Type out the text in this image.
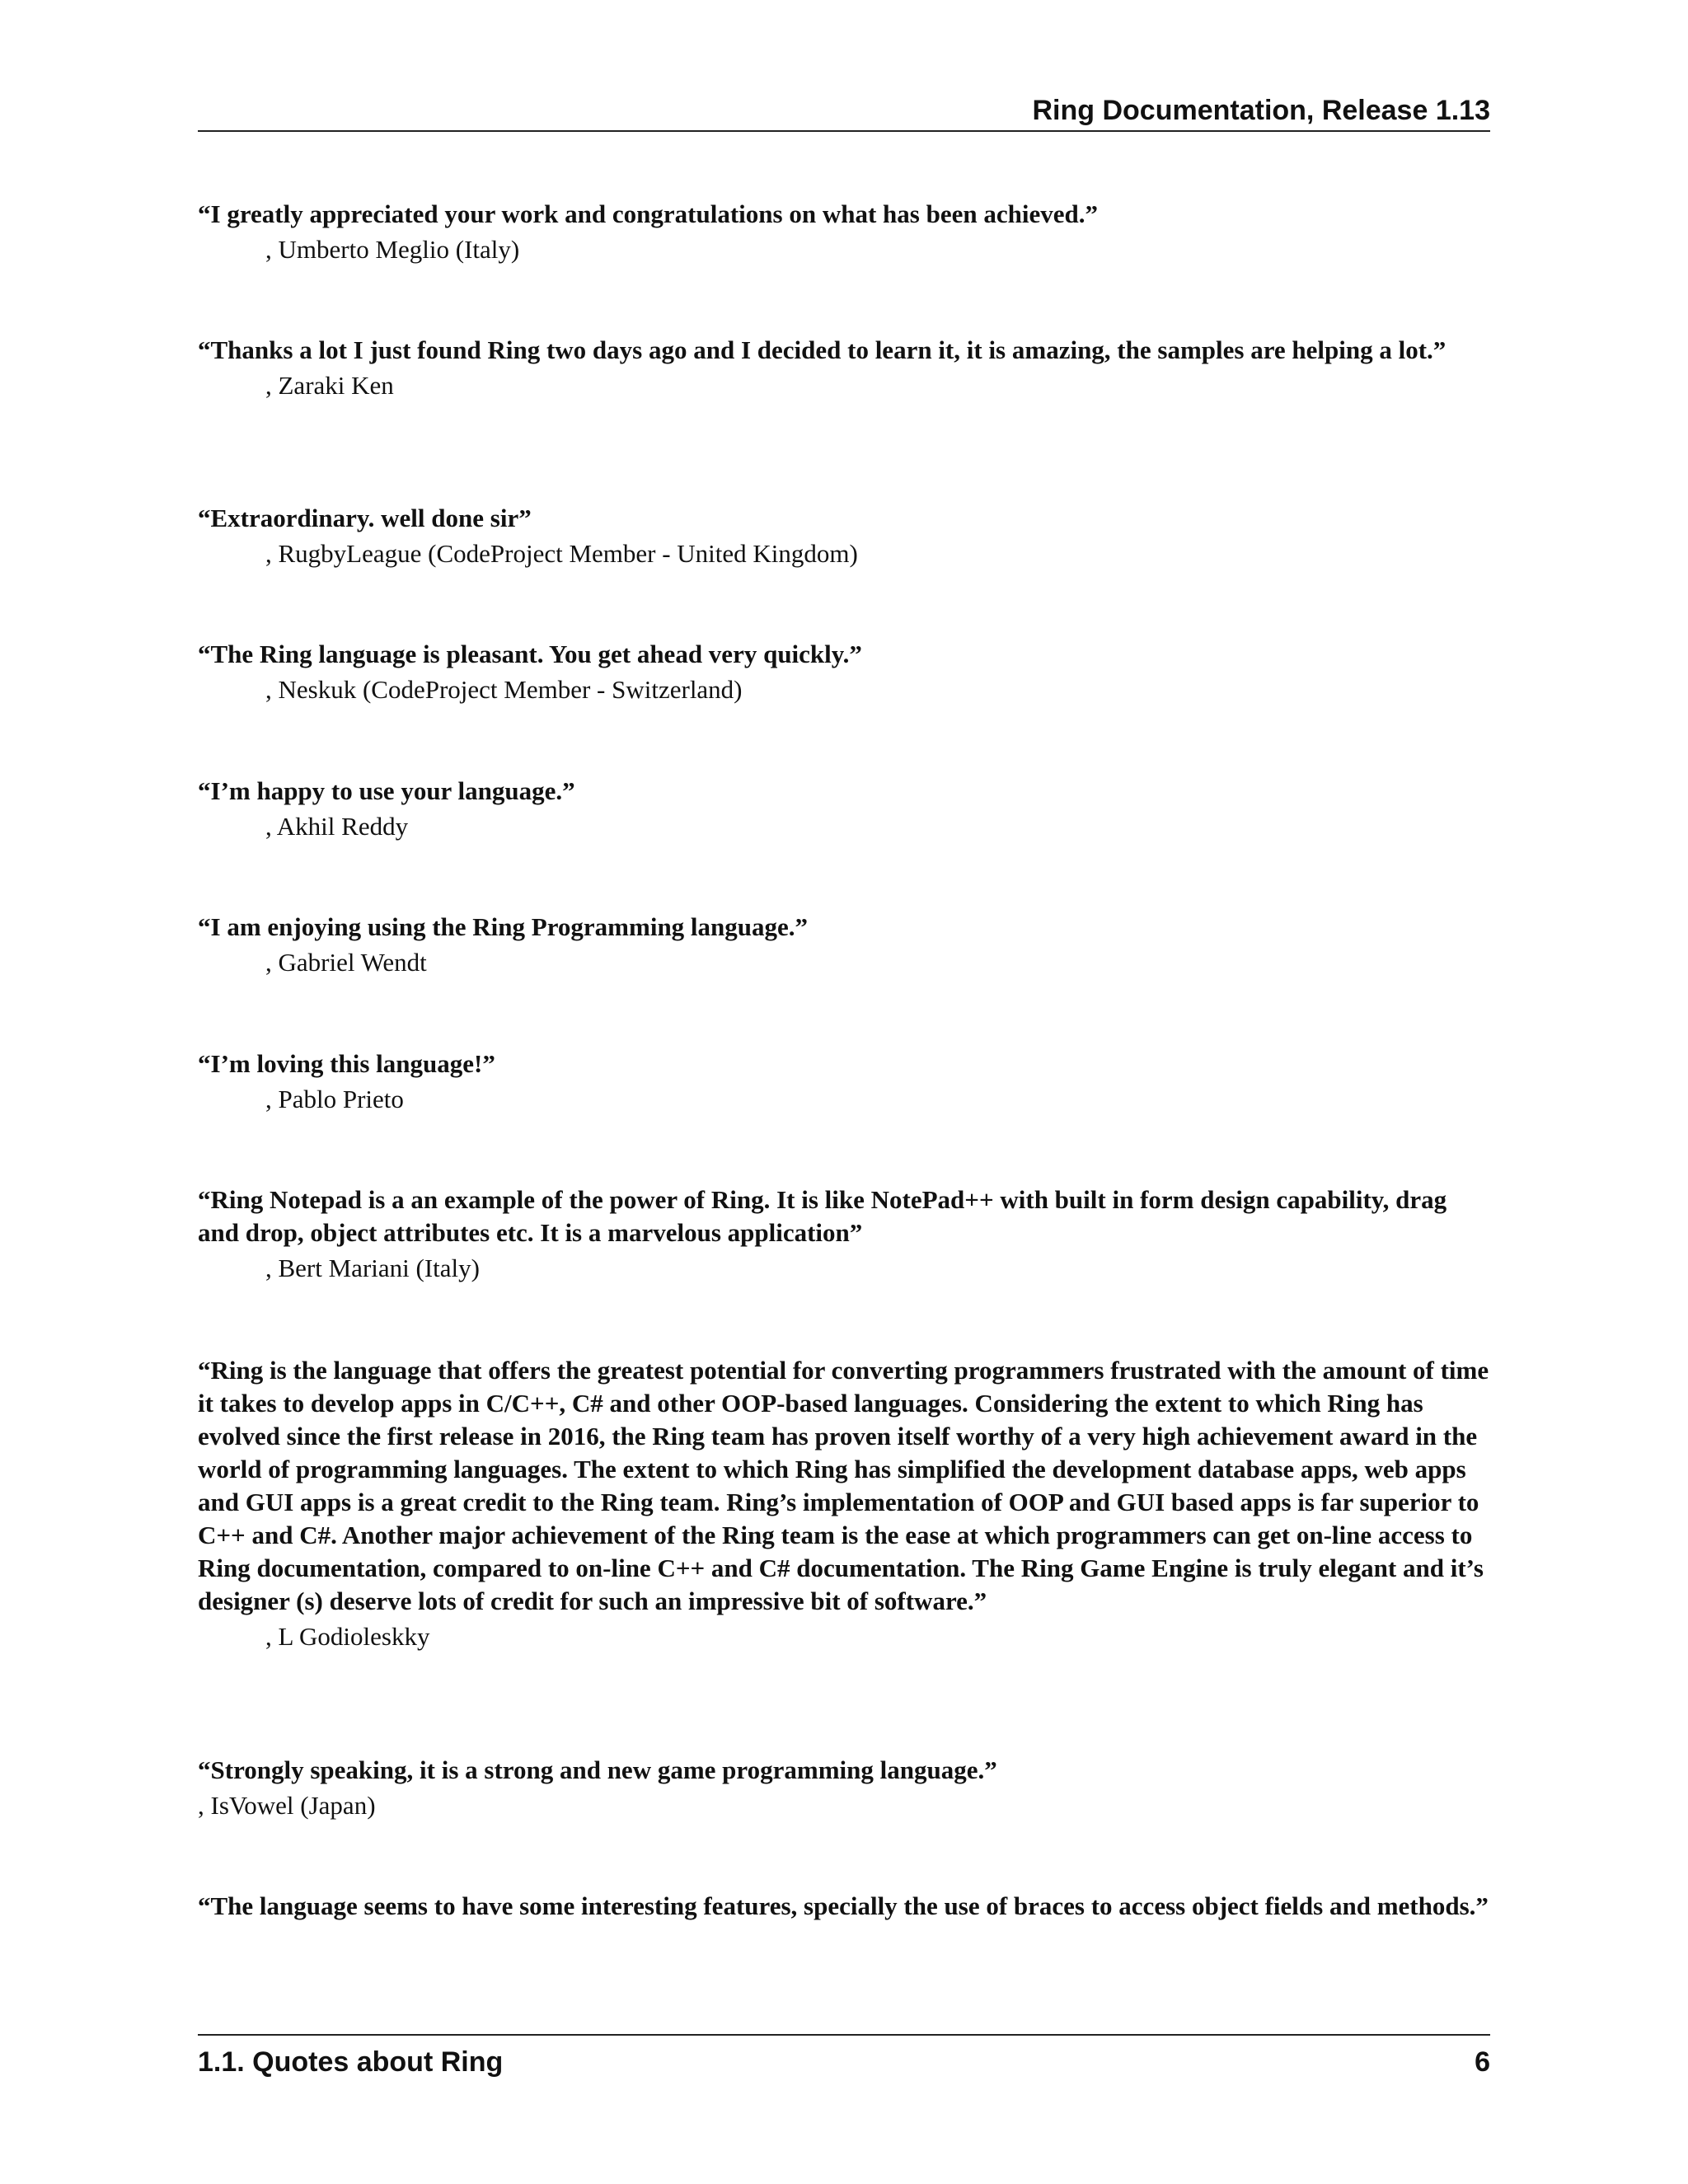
Ring Documentation, Release 1.13

“I greatly appreciated your work and congratulations on what has been achieved.”

, Umberto Meglio (Italy)

“Thanks a lot I just found Ring two days ago and I decided to learn it, it is amazing, the samples are helping a lot.”

, Zaraki Ken

“Extraordinary. well done sir”

, RugbyLeague (CodeProject Member - United Kingdom)

“The Ring language is pleasant. You get ahead very quickly.”

, Neskuk (CodeProject Member - Switzerland)

“I’m happy to use your language.”

, Akhil Reddy

“I am enjoying using the Ring Programming language.”

, Gabriel Wendt

“I’m loving this language!”

, Pablo Prieto

“Ring Notepad is a an example of the power of Ring. It is like NotePad++ with built in form design capability, drag and drop, object attributes etc. It is a marvelous application”

, Bert Mariani (Italy)

“Ring is the language that offers the greatest potential for converting programmers frustrated with the amount of time it takes to develop apps in C/C++, C# and other OOP-based languages. Considering the extent to which Ring has evolved since the first release in 2016, the Ring team has proven itself worthy of a very high achievement award in the world of programming languages. The extent to which Ring has simplified the development database apps, web apps and GUI apps is a great credit to the Ring team. Ring’s implementation of OOP and GUI based apps is far superior to C++ and C#. Another major achievement of the Ring team is the ease at which programmers can get on-line access to Ring documentation, compared to on-line C++ and C# documentation. The Ring Game Engine is truly elegant and it’s designer (s) deserve lots of credit for such an impressive bit of software.”

, L Godioleskky

“Strongly speaking, it is a strong and new game programming language.”

, IsVowel (Japan)

“The language seems to have some interesting features, specially the use of braces to access object fields and methods.”

1.1. Quotes about Ring	6
